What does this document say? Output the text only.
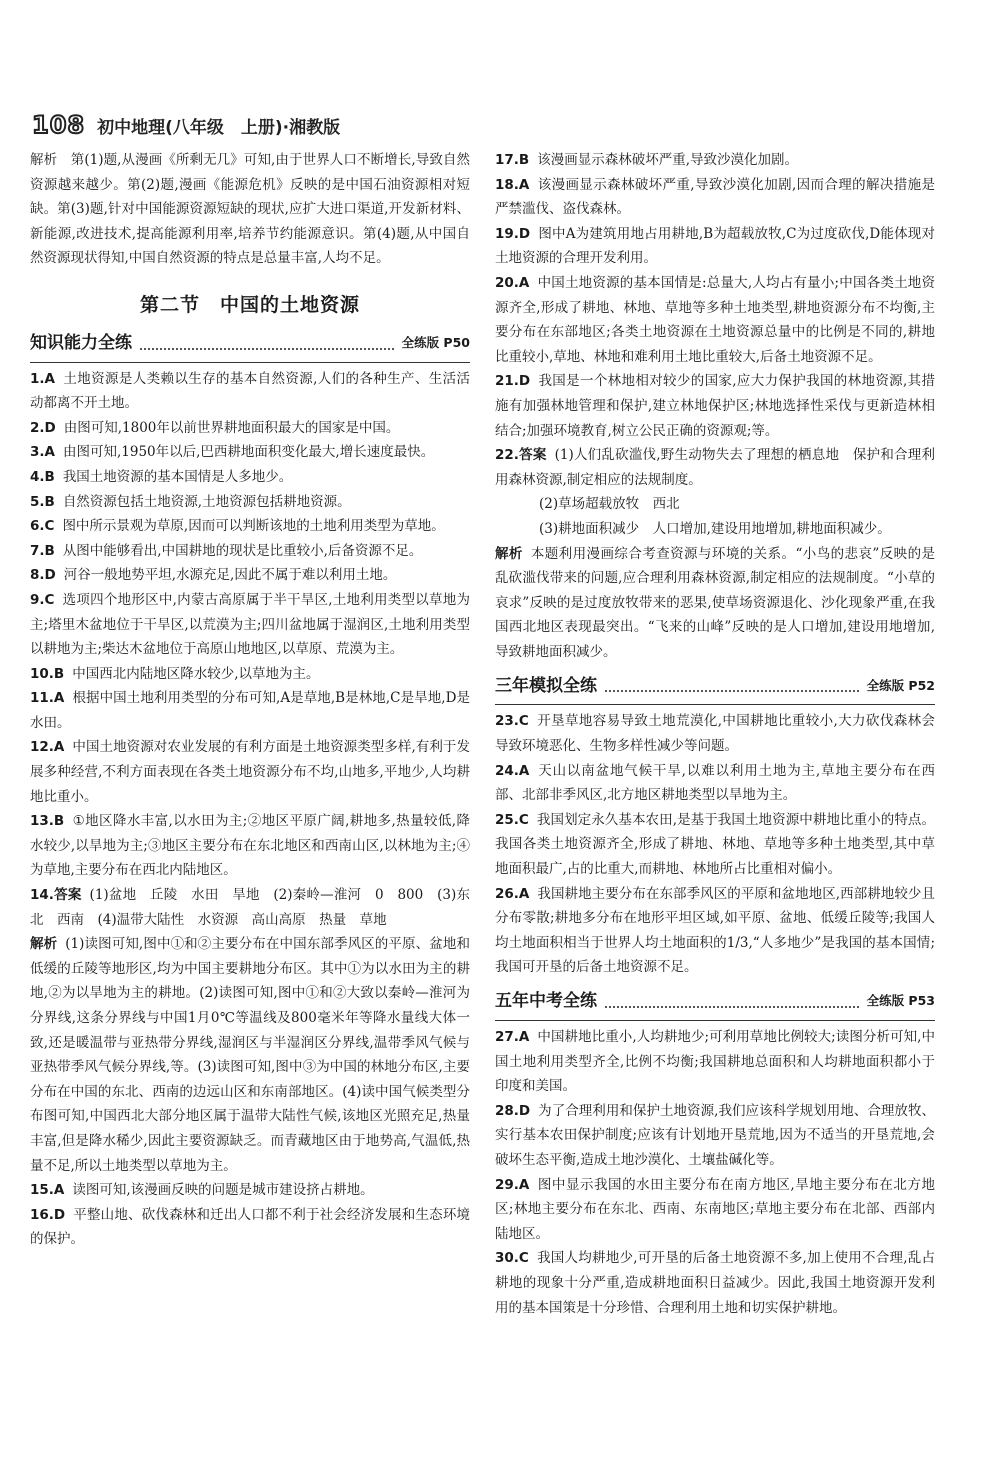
108 初中地理(八年级　上册)·湘教版

解析　第(1)题,从漫画《所剩无几》可知,由于世界人口不断增长,导致自然资源越来越少。第(2)题,漫画《能源危机》反映的是中国石油资源相对短缺。第(3)题,针对中国能源资源短缺的现状,应扩大进口渠道,开发新材料、新能源,改进技术,提高能源利用率,培养节约能源意识。第(4)题,从中国自然资源现状得知,中国自然资源的特点是总量丰富,人均不足。

第二节　中国的土地资源
知识能力全练	全练版 P50

1.A 土地资源是人类赖以生存的基本自然资源,人们的各种生产、生活活动都离不开土地。

2.D 由图可知,1800年以前世界耕地面积最大的国家是中国。

3.A 由图可知,1950年以后,巴西耕地面积变化最大,增长速度最快。

4.B 我国土地资源的基本国情是人多地少。

5.B 自然资源包括土地资源,土地资源包括耕地资源。

6.C 图中所示景观为草原,因而可以判断该地的土地利用类型为草地。

7.B 从图中能够看出,中国耕地的现状是比重较小,后备资源不足。

8.D 河谷一般地势平坦,水源充足,因此不属于难以利用土地。

9.C 选项四个地形区中,内蒙古高原属于半干旱区,土地利用类型以草地为主;塔里木盆地位于干旱区,以荒漠为主;四川盆地属于湿润区,土地利用类型以耕地为主;柴达木盆地位于高原山地地区,以草原、荒漠为主。

10.B 中国西北内陆地区降水较少,以草地为主。

11.A 根据中国土地利用类型的分布可知,A是草地,B是林地,C是旱地,D是水田。

12.A 中国土地资源对农业发展的有利方面是土地资源类型多样,有利于发展多种经营,不利方面表现在各类土地资源分布不均,山地多,平地少,人均耕地比重小。

13.B ①地区降水丰富,以水田为主;②地区平原广阔,耕地多,热量较低,降水较少,以旱地为主;③地区主要分布在东北地区和西南山区,以林地为主;④为草地,主要分布在西北内陆地区。

14.答案 (1)盆地　丘陵　水田　旱地　(2)秦岭—淮河　0　800　(3)东北　西南　(4)温带大陆性　水资源　高山高原　热量　草地

解析 (1)读图可知,图中①和②主要分布在中国东部季风区的平原、盆地和低缓的丘陵等地形区,均为中国主要耕地分布区。其中①为以水田为主的耕地,②为以旱地为主的耕地。(2)读图可知,图中①和②大致以秦岭—淮河为分界线,这条分界线与中国1月0℃等温线及800毫米年等降水量线大体一致,还是暖温带与亚热带分界线,湿润区与半湿润区分界线,温带季风气候与亚热带季风气候分界线,等。(3)读图可知,图中③为中国的林地分布区,主要分布在中国的东北、西南的边远山区和东南部地区。(4)读中国气候类型分布图可知,中国西北大部分地区属于温带大陆性气候,该地区光照充足,热量丰富,但是降水稀少,因此主要资源缺乏。而青藏地区由于地势高,气温低,热量不足,所以土地类型以草地为主。

15.A 读图可知,该漫画反映的问题是城市建设挤占耕地。

16.D 平整山地、砍伐森林和迁出人口都不利于社会经济发展和生态环境的保护。

17.B 该漫画显示森林破坏严重,导致沙漠化加剧。

18.A 该漫画显示森林破坏严重,导致沙漠化加剧,因而合理的解决措施是严禁滥伐、盗伐森林。

19.D 图中A为建筑用地占用耕地,B为超载放牧,C为过度砍伐,D能体现对土地资源的合理开发利用。

20.A 中国土地资源的基本国情是:总量大,人均占有量小;中国各类土地资源齐全,形成了耕地、林地、草地等多种土地类型,耕地资源分布不均衡,主要分布在东部地区;各类土地资源在土地资源总量中的比例是不同的,耕地比重较小,草地、林地和难利用土地比重较大,后备土地资源不足。

21.D 我国是一个林地相对较少的国家,应大力保护我国的林地资源,其措施有加强林地管理和保护,建立林地保护区;林地选择性采伐与更新造林相结合;加强环境教育,树立公民正确的资源观;等。

22.答案 (1)人们乱砍滥伐,野生动物失去了理想的栖息地　保护和合理利用森林资源,制定相应的法规制度。

(2)草场超载放牧　西北

(3)耕地面积减少　人口增加,建设用地增加,耕地面积减少。

解析 本题利用漫画综合考查资源与环境的关系。“小鸟的悲哀”反映的是乱砍滥伐带来的问题,应合理利用森林资源,制定相应的法规制度。“小草的哀求”反映的是过度放牧带来的恶果,使草场资源退化、沙化现象严重,在我国西北地区表现最突出。“飞来的山峰”反映的是人口增加,建设用地增加,导致耕地面积减少。

三年模拟全练	全练版 P52

23.C 开垦草地容易导致土地荒漠化,中国耕地比重较小,大力砍伐森林会导致环境恶化、生物多样性减少等问题。

24.A 天山以南盆地气候干旱,以难以利用土地为主,草地主要分布在西部、北部非季风区,北方地区耕地类型以旱地为主。

25.C 我国划定永久基本农田,是基于我国土地资源中耕地比重小的特点。我国各类土地资源齐全,形成了耕地、林地、草地等多种土地类型,其中草地面积最广,占的比重大,而耕地、林地所占比重相对偏小。

26.A 我国耕地主要分布在东部季风区的平原和盆地地区,西部耕地较少且分布零散;耕地多分布在地形平坦区域,如平原、盆地、低缓丘陵等;我国人均土地面积相当于世界人均土地面积的1/3,“人多地少”是我国的基本国情;我国可开垦的后备土地资源不足。

五年中考全练	全练版 P53

27.A 中国耕地比重小,人均耕地少;可利用草地比例较大;读图分析可知,中国土地利用类型齐全,比例不均衡;我国耕地总面积和人均耕地面积都小于印度和美国。

28.D 为了合理利用和保护土地资源,我们应该科学规划用地、合理放牧、实行基本农田保护制度;应该有计划地开垦荒地,因为不适当的开垦荒地,会破坏生态平衡,造成土地沙漠化、土壤盐碱化等。

29.A 图中显示我国的水田主要分布在南方地区,旱地主要分布在北方地区;林地主要分布在东北、西南、东南地区;草地主要分布在北部、西部内陆地区。

30.C 我国人均耕地少,可开垦的后备土地资源不多,加上使用不合理,乱占耕地的现象十分严重,造成耕地面积日益减少。因此,我国土地资源开发利用的基本国策是十分珍惜、合理利用土地和切实保护耕地。
